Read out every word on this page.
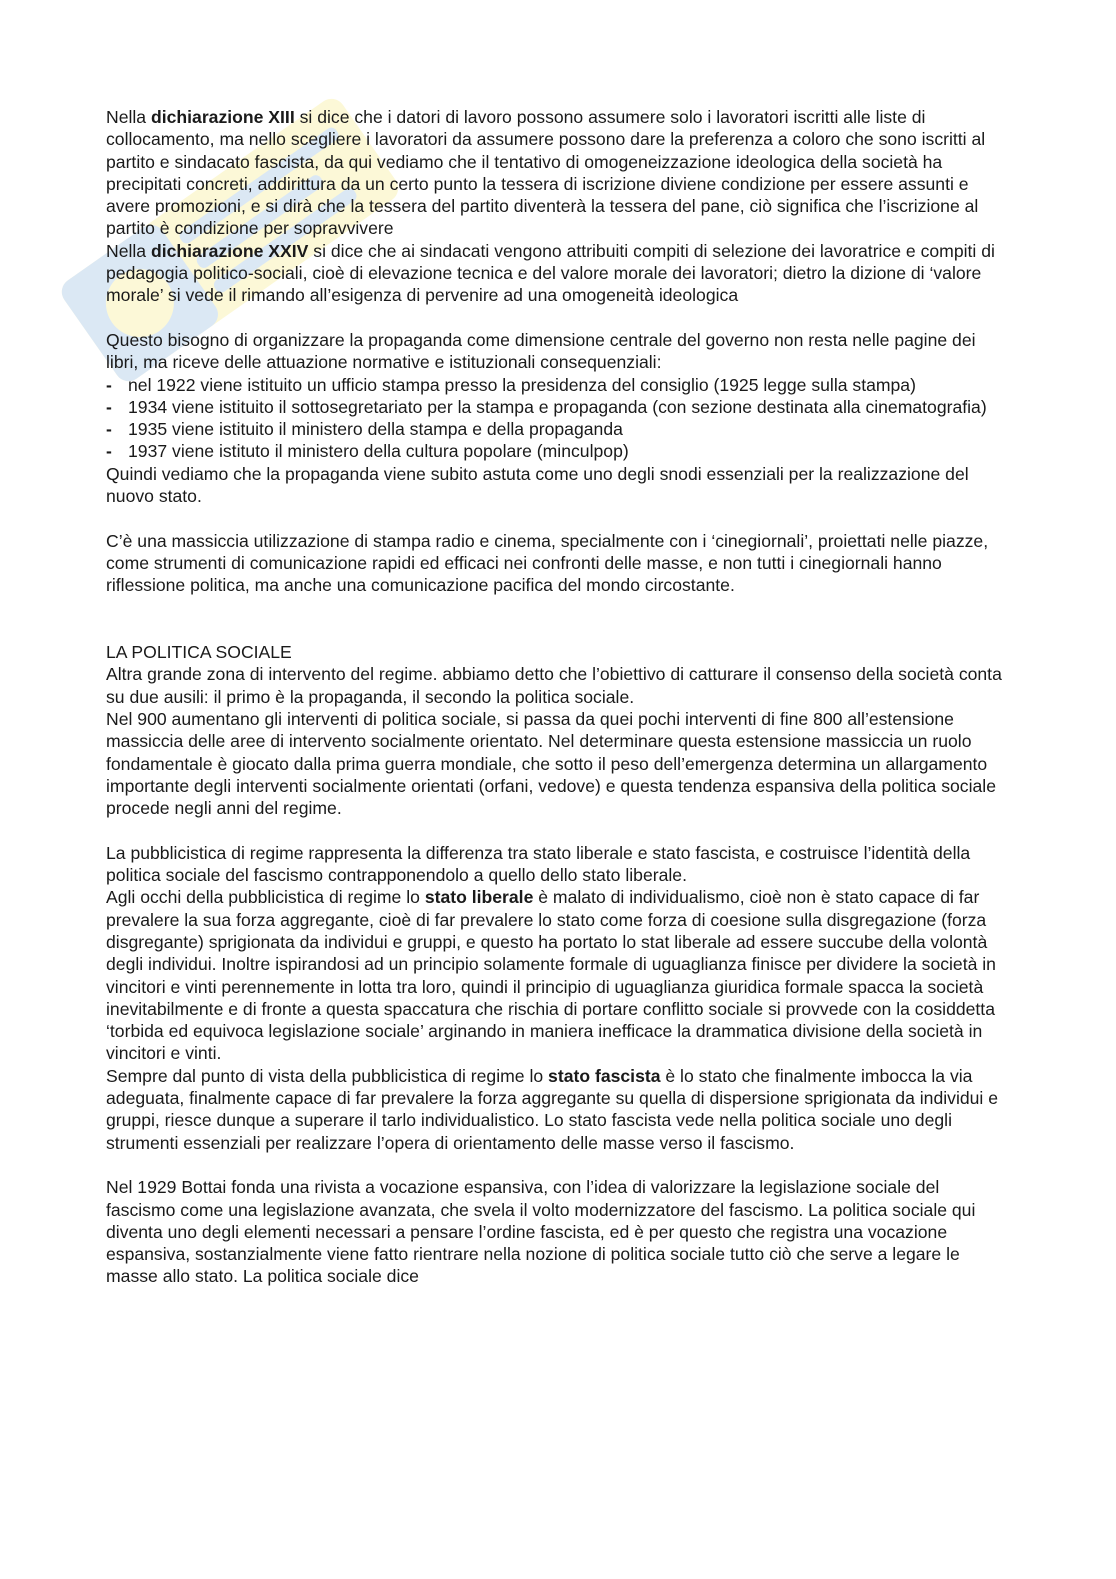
Nella dichiarazione XIII si dice che i datori di lavoro possono assumere solo i lavoratori iscritti alle liste di collocamento, ma nello scegliere i lavoratori da assumere possono dare la preferenza a coloro che sono iscritti al partito e sindacato fascista, da qui vediamo che il tentativo di omogeneizzazione ideologica della società ha precipitati concreti, addirittura da un certo punto la tessera di iscrizione diviene condizione per essere assunti e avere promozioni, e si dirà che la tessera del partito diventerà la tessera del pane, ciò significa che l’iscrizione al partito è condizione per sopravvivere

Nella dichiarazione XXIV si dice che ai sindacati vengono attribuiti compiti di selezione dei lavoratrice e compiti di pedagogia politico-sociali, cioè di elevazione tecnica e del valore morale dei lavoratori; dietro la dizione di ‘valore morale’ si vede il rimando all’esigenza di pervenire ad una omogeneità ideologica

Questo bisogno di organizzare la propaganda come dimensione centrale del governo non resta nelle pagine dei libri, ma riceve delle attuazione normative e istituzionali consequenziali:

- nel 1922 viene istituito un ufficio stampa presso la presidenza del consiglio (1925 legge sulla stampa)
- 1934 viene istituito il sottosegretariato per la stampa e propaganda (con sezione destinata alla cinematografia)
- 1935 viene istituito il ministero della stampa e della propaganda
- 1937 viene istituto il ministero della cultura popolare (minculpop)

Quindi vediamo che la propaganda viene subito astuta come uno degli snodi essenziali per la realizzazione del nuovo stato.

C’è una massiccia utilizzazione di stampa radio e cinema, specialmente con i ‘cinegiornali’, proiettati nelle piazze, come strumenti di comunicazione rapidi ed efficaci nei confronti delle masse, e non tutti i cinegiornali hanno riflessione politica, ma anche una comunicazione pacifica del mondo circostante.

LA POLITICA SOCIALE

Altra grande zona di intervento del regime. abbiamo detto che l’obiettivo di catturare il consenso della società conta su due ausili: il primo è la propaganda, il secondo la politica sociale.

Nel 900 aumentano gli interventi di politica sociale, si passa da quei pochi interventi di fine 800 all’estensione massiccia delle aree di intervento socialmente orientato. Nel determinare questa estensione massiccia un ruolo fondamentale è giocato dalla prima guerra mondiale, che sotto il peso dell’emergenza determina un allargamento importante degli interventi socialmente orientati (orfani, vedove) e questa tendenza espansiva della politica sociale procede negli anni del regime.

La pubblicistica di regime rappresenta la differenza tra stato liberale e stato fascista, e costruisce l’identità della politica sociale del fascismo contrapponendolo a quello dello stato liberale.

Agli occhi della pubblicistica di regime lo stato liberale è malato di individualismo, cioè non è stato capace di far prevalere la sua forza aggregante, cioè di far prevalere lo stato come forza di coesione sulla disgregazione (forza disgregante) sprigionata da individui e gruppi, e questo ha portato lo stat liberale ad essere succube della volontà degli individui. Inoltre ispirandosi ad un principio solamente formale di uguaglianza finisce per dividere la società in vincitori e vinti perennemente in lotta tra loro, quindi il principio di uguaglianza giuridica formale spacca la società inevitabilmente e di fronte a questa spaccatura che rischia di portare conflitto sociale si provvede con la cosiddetta ‘torbida ed equivoca legislazione sociale’ arginando in maniera inefficace la drammatica divisione della società in vincitori e vinti.

Sempre dal punto di vista della pubblicistica di regime lo stato fascista è lo stato che finalmente imbocca la via adeguata, finalmente capace di far prevalere la forza aggregante su quella di dispersione sprigionata da individui e gruppi, riesce dunque a superare il tarlo individualistico. Lo stato fascista vede nella politica sociale uno degli strumenti essenziali per realizzare l’opera di orientamento delle masse verso il fascismo.

Nel 1929 Bottai fonda una rivista a vocazione espansiva, con l’idea di valorizzare la legislazione sociale del fascismo come una legislazione avanzata, che svela il volto modernizzatore del fascismo. La politica sociale qui diventa uno degli elementi necessari a pensare l’ordine fascista, ed è per questo che registra una vocazione espansiva, sostanzialmente viene fatto rientrare nella nozione di politica sociale tutto ciò che serve a legare le masse allo stato. La politica sociale dice
